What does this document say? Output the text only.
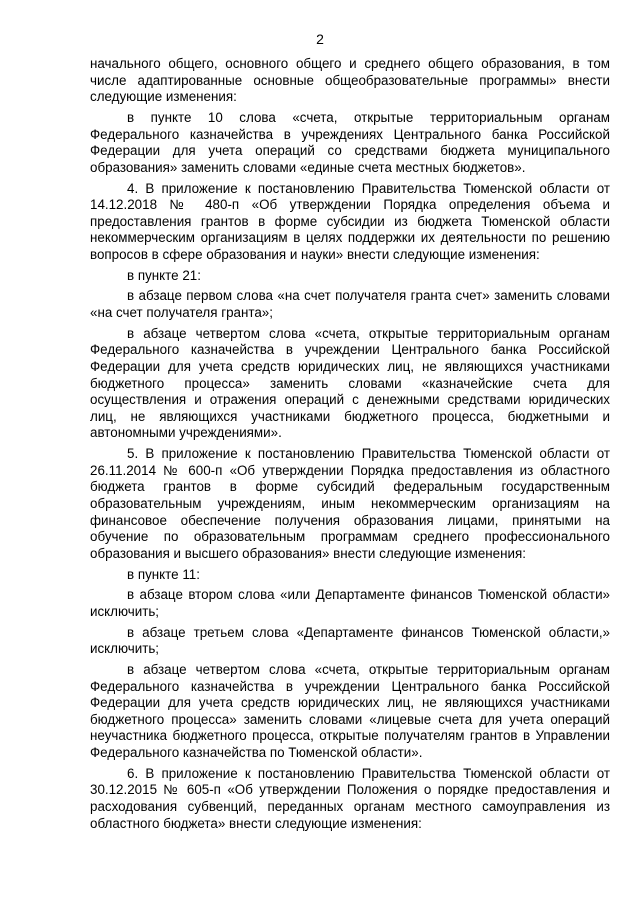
2

начального общего, основного общего и среднего общего образования, в том числе адаптированные основные общеобразовательные программы» внести следующие изменения:

в пункте 10 слова «счета, открытые территориальным органам Федерального казначейства в учреждениях Центрального банка Российской Федерации для учета операций со средствами бюджета муниципального образования» заменить словами «единые счета местных бюджетов».

4. В приложение к постановлению Правительства Тюменской области от 14.12.2018 № 480-п «Об утверждении Порядка определения объема и предоставления грантов в форме субсидии из бюджета Тюменской области некоммерческим организациям в целях поддержки их деятельности по решению вопросов в сфере образования и науки» внести следующие изменения:

в пункте 21:

в абзаце первом слова «на счет получателя гранта счет» заменить словами «на счет получателя гранта»;

в абзаце четвертом слова «счета, открытые территориальным органам Федерального казначейства в учреждении Центрального банка Российской Федерации для учета средств юридических лиц, не являющихся участниками бюджетного процесса» заменить словами «казначейские счета для осуществления и отражения операций с денежными средствами юридических лиц, не являющихся участниками бюджетного процесса, бюджетными и автономными учреждениями».

5. В приложение к постановлению Правительства Тюменской области от 26.11.2014 № 600-п «Об утверждении Порядка предоставления из областного бюджета грантов в форме субсидий федеральным государственным образовательным учреждениям, иным некоммерческим организациям на финансовое обеспечение получения образования лицами, принятыми на обучение по образовательным программам среднего профессионального образования и высшего образования» внести следующие изменения:

в пункте 11:

в абзаце втором слова «или Департаменте финансов Тюменской области» исключить;

в абзаце третьем слова «Департаменте финансов Тюменской области,» исключить;

в абзаце четвертом слова «счета, открытые территориальным органам Федерального казначейства в учреждении Центрального банка Российской Федерации для учета средств юридических лиц, не являющихся участниками бюджетного процесса» заменить словами «лицевые счета для учета операций неучастника бюджетного процесса, открытые получателям грантов в Управлении Федерального казначейства по Тюменской области».

6. В приложение к постановлению Правительства Тюменской области от 30.12.2015 № 605-п «Об утверждении Положения о порядке предоставления и расходования субвенций, переданных органам местного самоуправления из областного бюджета» внести следующие изменения:
